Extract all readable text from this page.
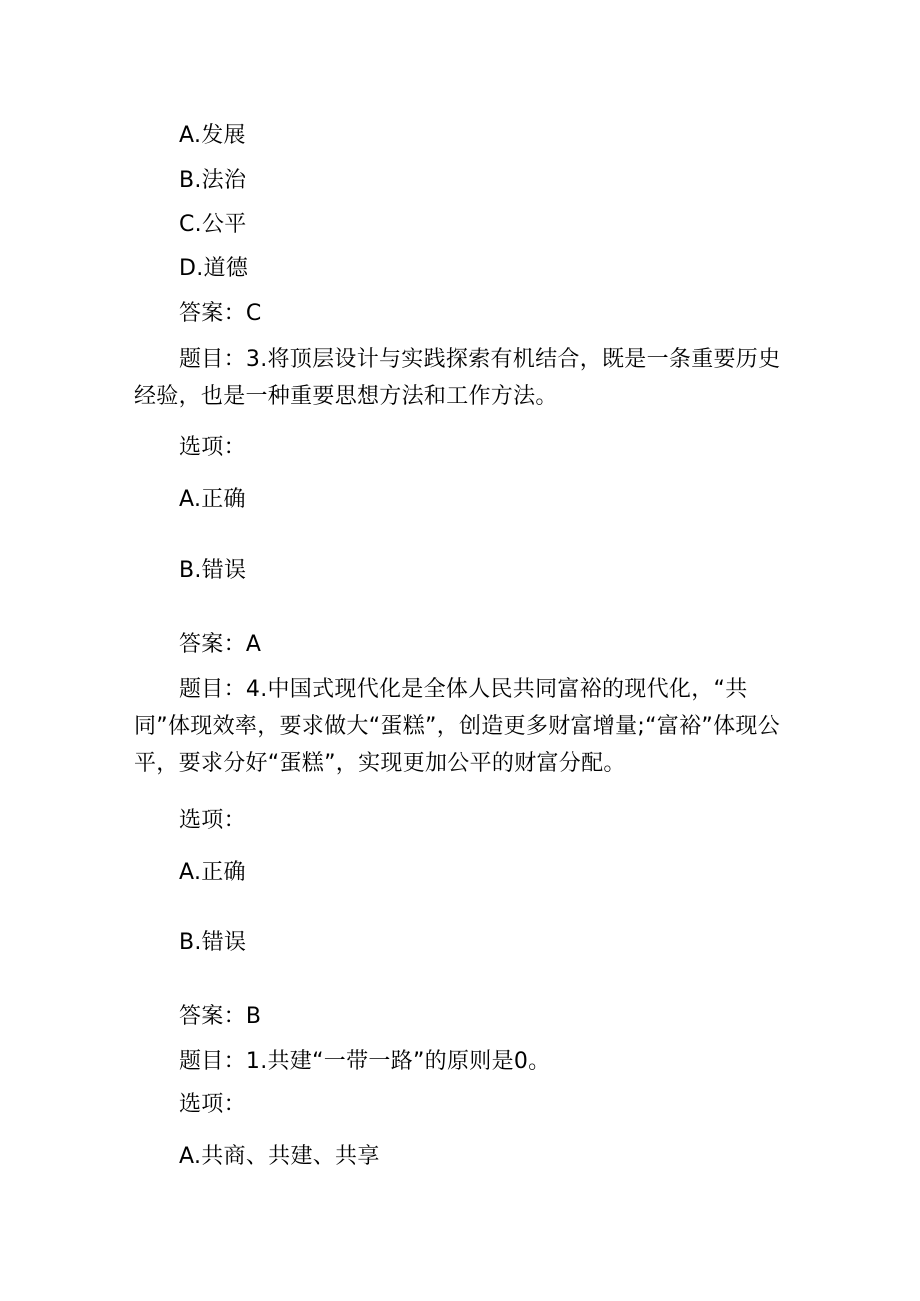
A.发展
B.法治
C.公平
D.道德
答案：C
题目：3.将顶层设计与实践探索有机结合，既是一条重要历史经验，也是一种重要思想方法和工作方法。
选项：
A.正确
B.错误
答案：A
题目：4.中国式现代化是全体人民共同富裕的现代化，“共同”体现效率，要求做大“蛋糕”，创造更多财富增量;“富裕”体现公平，要求分好“蛋糕”，实现更加公平的财富分配。
选项：
A.正确
B.错误
答案：B
题目：1.共建“一带一路”的原则是0。
选项：
A.共商、共建、共享
